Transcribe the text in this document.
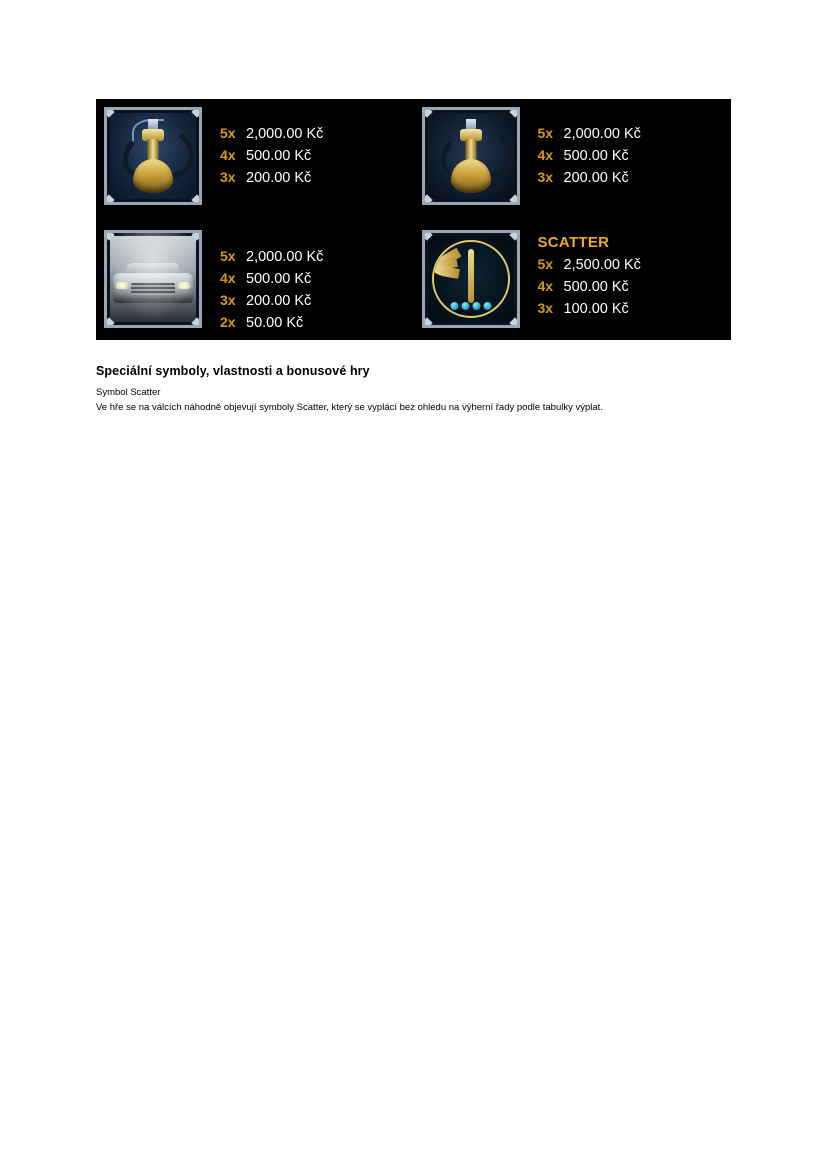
5x 2,000.00 Kč
4x 500.00 Kč
3x 200.00 Kč
5x 2,000.00 Kč
4x 500.00 Kč
3x 200.00 Kč
5x 2,000.00 Kč
4x 500.00 Kč
3x 200.00 Kč
2x 50.00 Kč
SCATTER
5x 2,500.00 Kč
4x 500.00 Kč
3x 100.00 Kč
Speciální symboly, vlastnosti a bonusové hry
Symbol Scatter

Ve hře se na válcích náhodně objevují symboly Scatter, který se vyplácí bez ohledu na výherní řady podle tabulky výplat.
